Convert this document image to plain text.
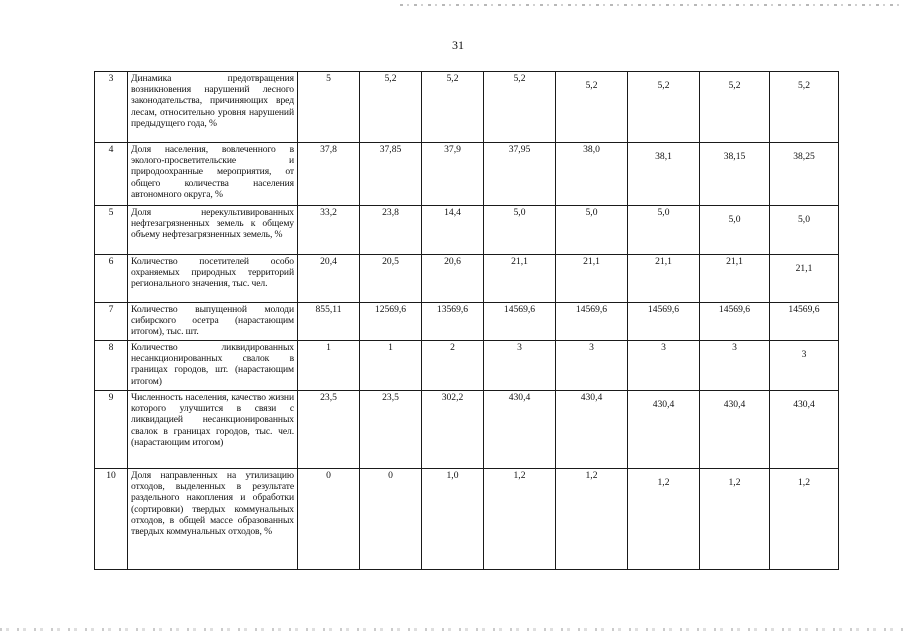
31
3	Динамика предотвращения возникновения нарушений лесного законодательства, причиняющих вред лесам, относительно уровня нарушений предыдущего года, %	5	5,2	5,2	5,2	5,2	5,2	5,2	5,2
4	Доля населения, вовлеченного в эколого-просветительские и природоохранные мероприятия, от общего количества населения автономного округа, %	37,8	37,85	37,9	37,95	38,0	38,1	38,15	38,25
5	Доля нерекультивированных нефтезагрязненных земель к общему объему нефтезагрязненных земель, %	33,2	23,8	14,4	5,0	5,0	5,0	5,0	5,0
6	Количество посетителей особо охраняемых природных территорий регионального значения, тыс. чел.	20,4	20,5	20,6	21,1	21,1	21,1	21,1	21,1
7	Количество выпущенной молоди сибирского осетра (нарастающим итогом), тыс. шт.	855,11	12569,6	13569,6	14569,6	14569,6	14569,6	14569,6	14569,6
8	Количество ликвидированных несанкционированных свалок в границах городов, шт. (нарастающим итогом)	1	1	2	3	3	3	3	3
9	Численность населения, качество жизни которого улучшится в связи с ликвидацией несанкционированных свалок в границах городов, тыс. чел. (нарастающим итогом)	23,5	23,5	302,2	430,4	430,4	430,4	430,4	430,4
10	Доля направленных на утилизацию отходов, выделенных в результате раздельного накопления и обработки (сортировки) твердых коммунальных отходов, в общей массе образованных твердых коммунальных отходов, %	0	0	1,0	1,2	1,2	1,2	1,2	1,2
